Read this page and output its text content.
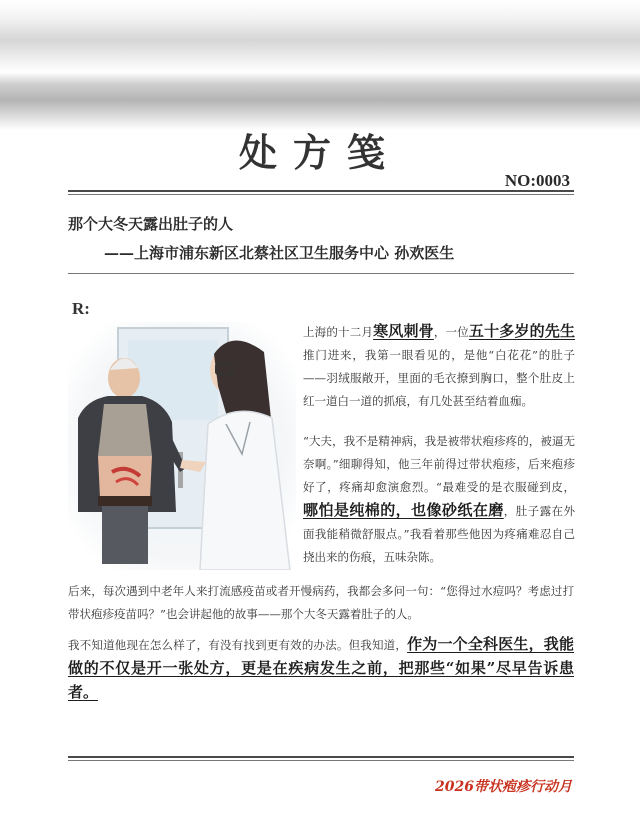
处方笺
NO:0003
那个大冬天露出肚子的人
——上海市浦东新区北蔡社区卫生服务中心 孙欢医生
R:
上海的十二月寒风刺骨，一位五十多岁的先生推门进来，我第一眼看见的，是他“白花花”的肚子——羽绒服敞开，里面的毛衣撩到胸口，整个肚皮上红一道白一道的抓痕，有几处甚至结着血痂。
“大夫，我不是精神病，我是被带状疱疹疼的，被逼无奈啊。”细聊得知，他三年前得过带状疱疹，后来疱疹好了，疼痛却愈演愈烈。“最难受的是衣服碰到皮，哪怕是纯棉的，也像砂纸在磨，肚子露在外面我能稍微舒服点。”我看着那些他因为疼痛难忍自己挠出来的伤痕，五味杂陈。
后来，每次遇到中老年人来打流感疫苗或者开慢病药，我都会多问一句：“您得过水痘吗？考虑过打带状疱疹疫苗吗？”也会讲起他的故事——那个大冬天露着肚子的人。
我不知道他现在怎么样了，有没有找到更有效的办法。但我知道，作为一个全科医生，我能做的不仅是开一张处方，更是在疾病发生之前，把那些“如果”尽早告诉患者。
2026带状疱疹行动月
